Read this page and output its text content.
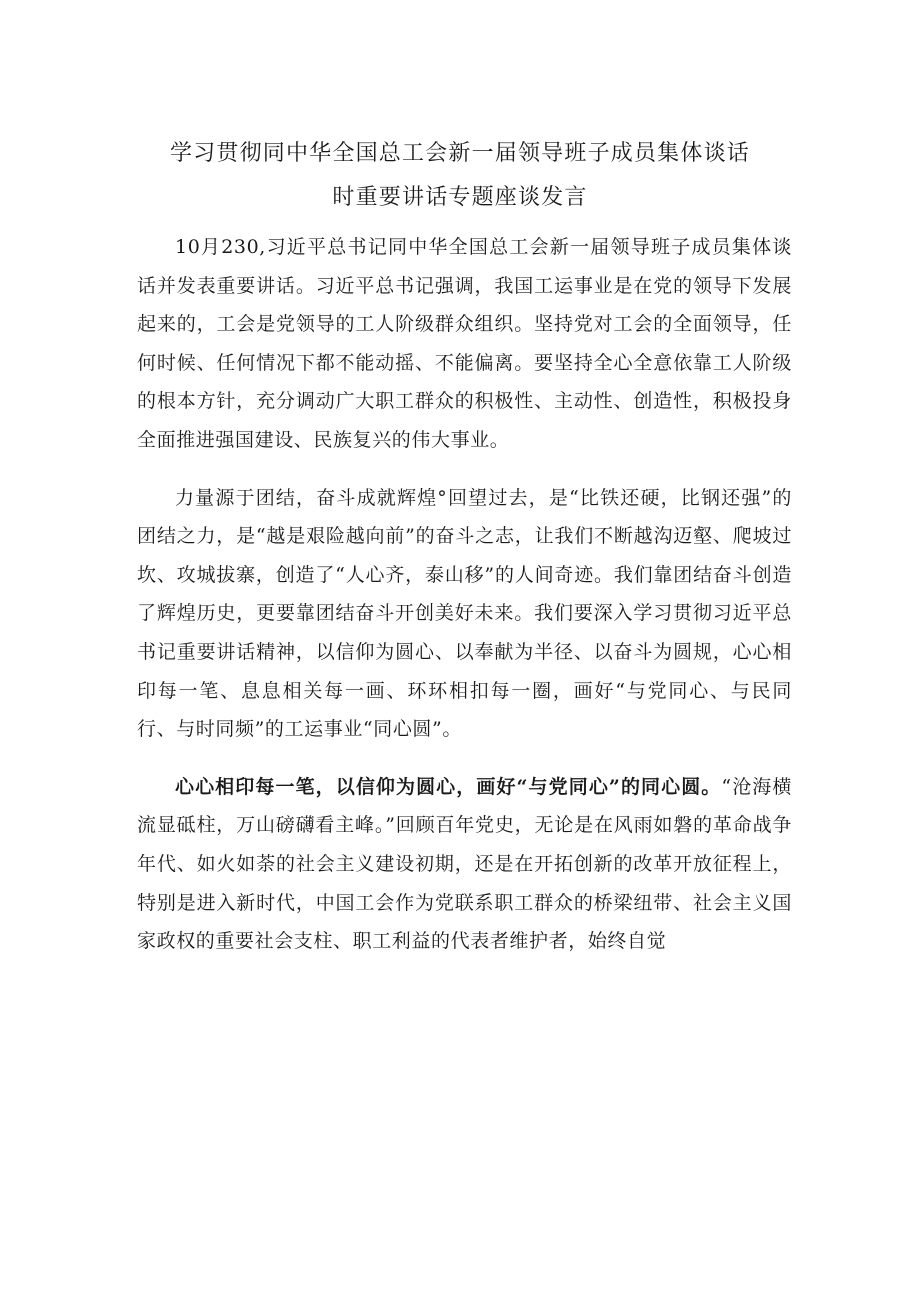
学习贯彻同中华全国总工会新一届领导班子成员集体谈话
时重要讲话专题座谈发言

10月230,习近平总书记同中华全国总工会新一届领导班子成员集体谈话并发表重要讲话。习近平总书记强调，我国工运事业是在党的领导下发展起来的，工会是党领导的工人阶级群众组织。坚持党对工会的全面领导，任何时候、任何情况下都不能动摇、不能偏离。要坚持全心全意依靠工人阶级的根本方针，充分调动广大职工群众的积极性、主动性、创造性，积极投身全面推进强国建设、民族复兴的伟大事业。

力量源于团结，奋斗成就辉煌°回望过去，是“比铁还硬，比钢还强”的团结之力，是“越是艰险越向前”的奋斗之志，让我们不断越沟迈壑、爬坡过坎、攻城拔寨，创造了“人心齐，泰山移”的人间奇迹。我们靠团结奋斗创造了辉煌历史，更要靠团结奋斗开创美好未来。我们要深入学习贯彻习近平总书记重要讲话精神，以信仰为圆心、以奉献为半径、以奋斗为圆规，心心相印每一笔、息息相关每一画、环环相扣每一圈，画好“与党同心、与民同行、与时同频”的工运事业“同心圆”。

心心相印每一笔，以信仰为圆心，画好“与党同心”的同心圆。“沧海横流显砥柱，万山磅礴看主峰。”回顾百年党史，无论是在风雨如磐的革命战争年代、如火如荼的社会主义建设初期，还是在开拓创新的改革开放征程上，特别是进入新时代，中国工会作为党联系职工群众的桥梁纽带、社会主义国家政权的重要社会支柱、职工利益的代表者维护者，始终自觉
